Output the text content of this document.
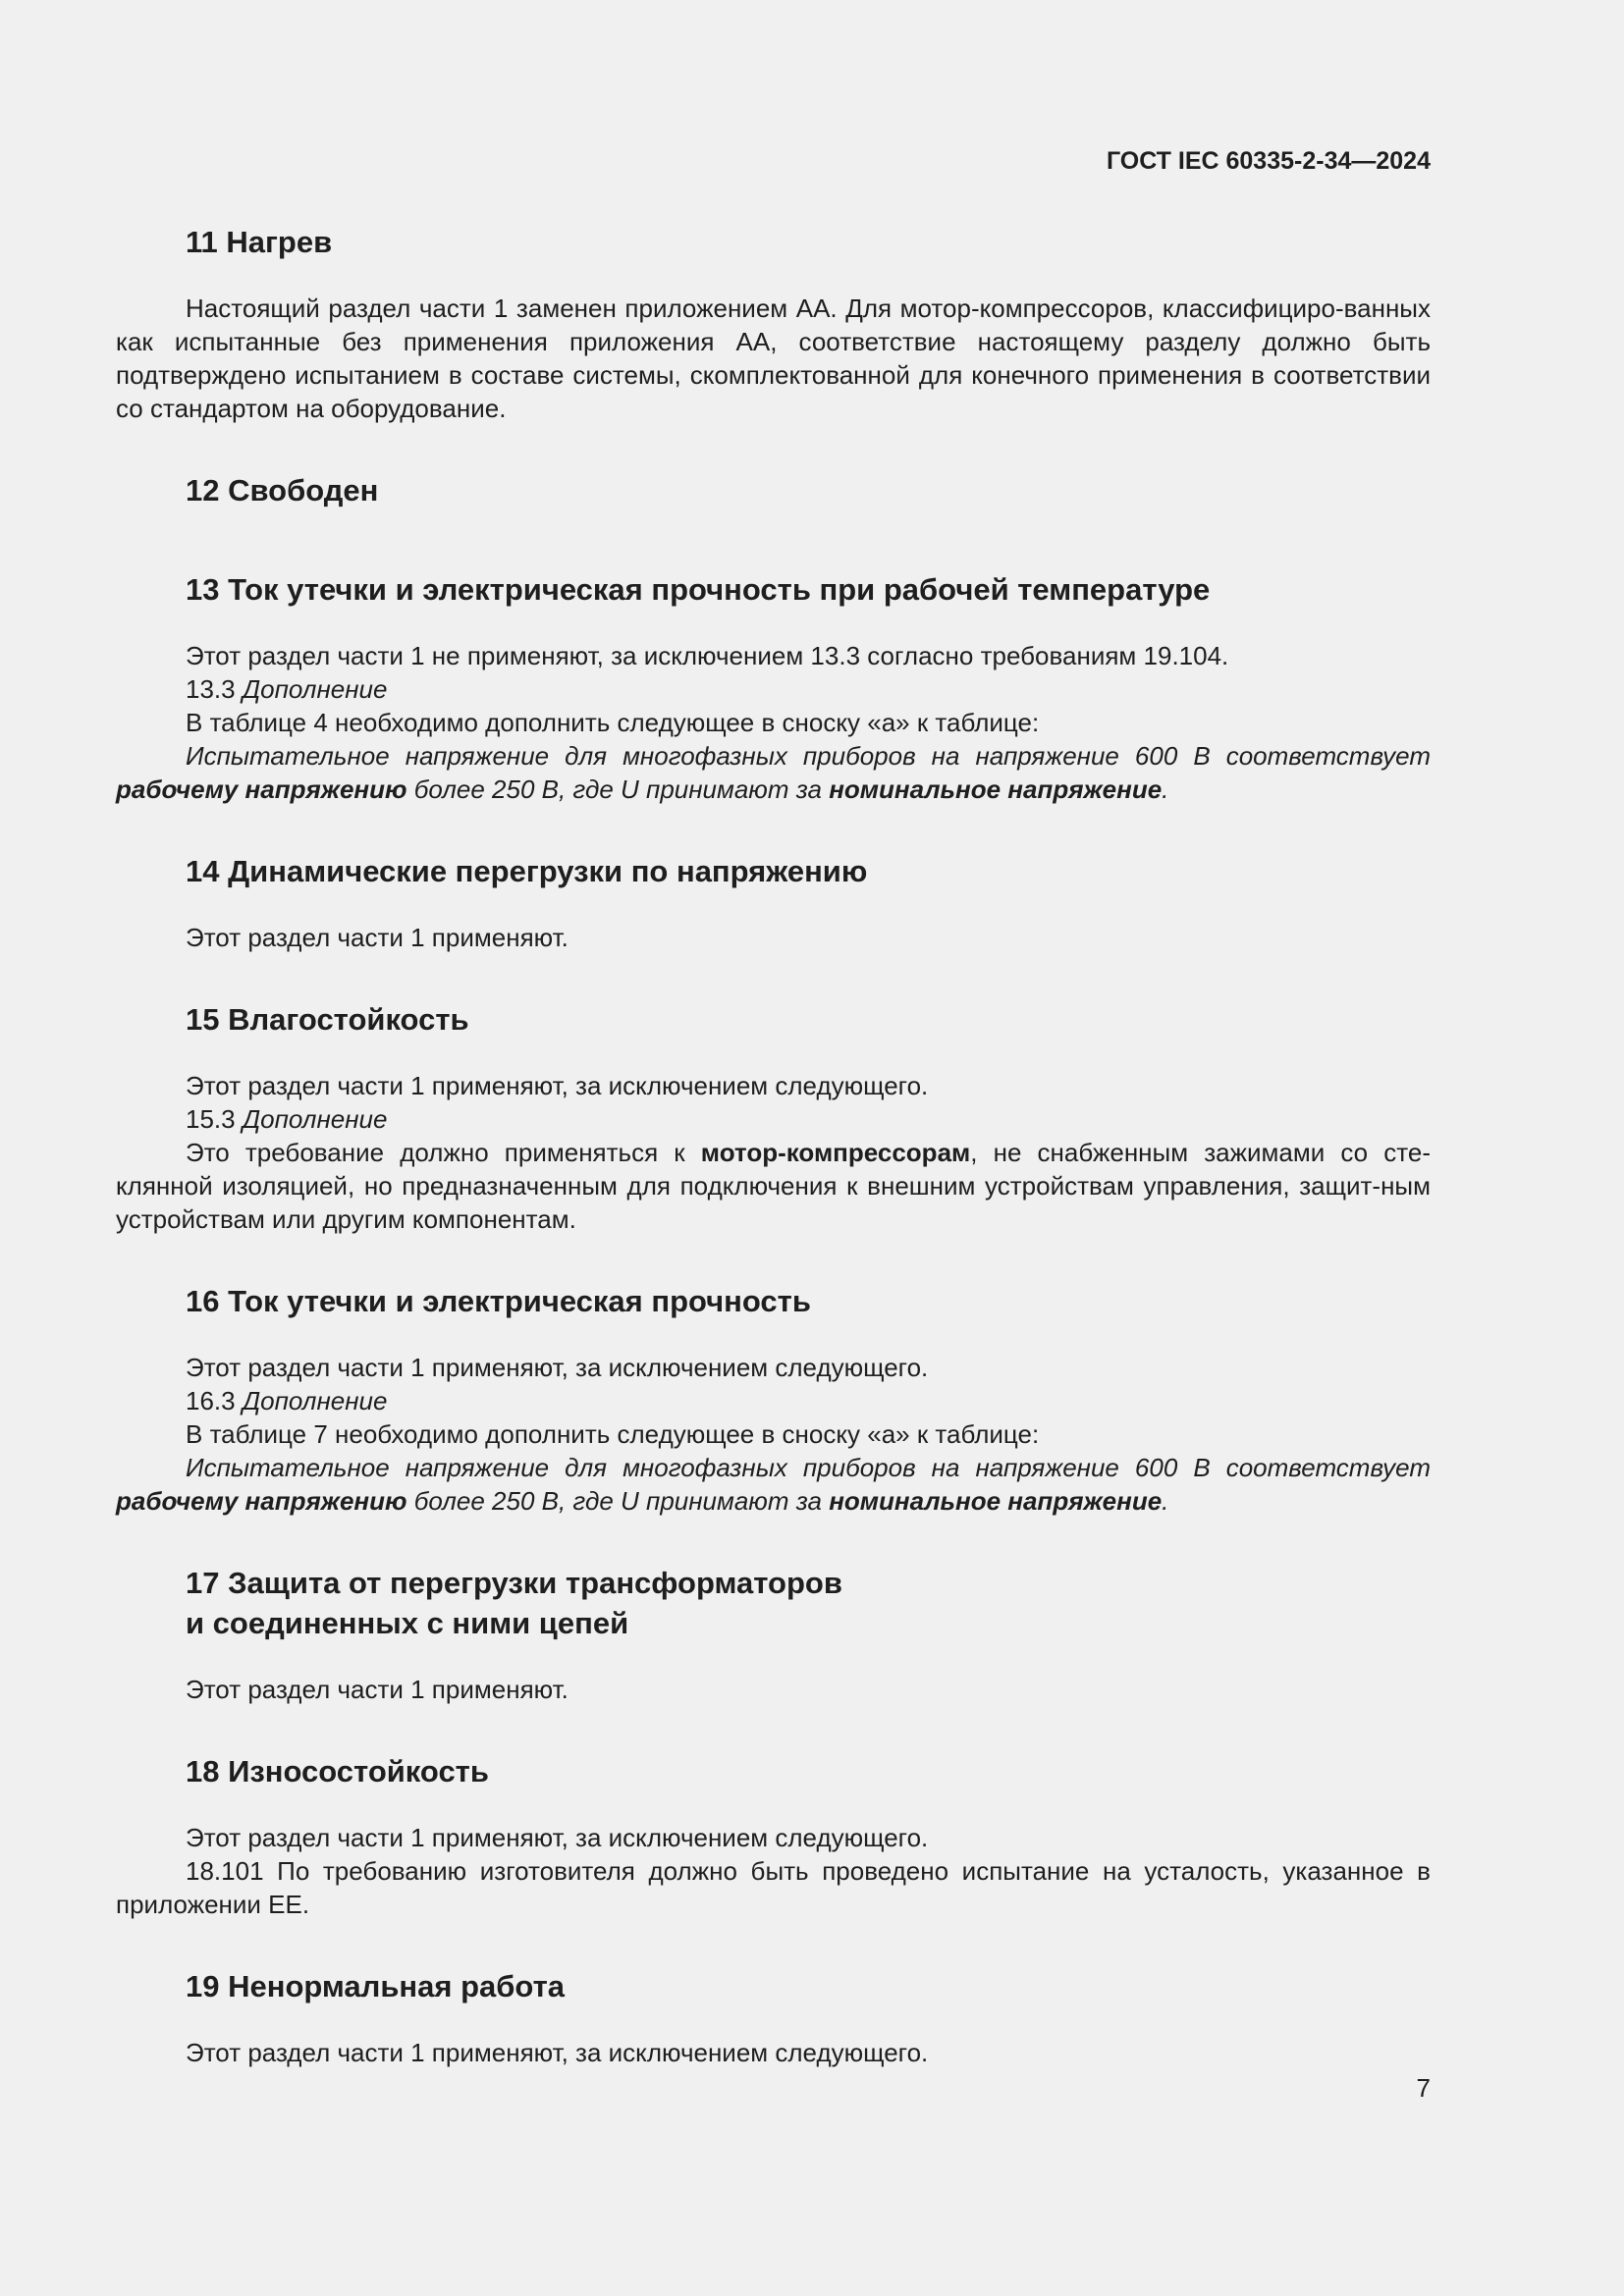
ГОСТ IEC 60335-2-34—2024
11 Нагрев

Настоящий раздел части 1 заменен приложением АА. Для мотор-компрессоров, классифициро-ванных как испытанные без применения приложения АА, соответствие настоящему разделу должно быть подтверждено испытанием в составе системы, скомплектованной для конечного применения в соответствии со стандартом на оборудование.

12 Свободен
13 Ток утечки и электрическая прочность при рабочей температуре

Этот раздел части 1 не применяют, за исключением 13.3 согласно требованиям 19.104.

13.3 Дополнение

В таблице 4 необходимо дополнить следующее в сноску «а» к таблице:

Испытательное напряжение для многофазных приборов на напряжение 600 В соответствует рабочему напряжению более 250 В, где U принимают за номинальное напряжение.

14 Динамические перегрузки по напряжению

Этот раздел части 1 применяют.

15 Влагостойкость

Этот раздел части 1 применяют, за исключением следующего.

15.3 Дополнение

Это требование должно применяться к мотор-компрессорам, не снабженным зажимами со сте-клянной изоляцией, но предназначенным для подключения к внешним устройствам управления, защит-ным устройствам или другим компонентам.

16 Ток утечки и электрическая прочность

Этот раздел части 1 применяют, за исключением следующего.

16.3 Дополнение

В таблице 7 необходимо дополнить следующее в сноску «а» к таблице:

Испытательное напряжение для многофазных приборов на напряжение 600 В соответствует рабочему напряжению более 250 В, где U принимают за номинальное напряжение.

17 Защита от перегрузки трансформаторов
и соединенных с ними цепей

Этот раздел части 1 применяют.

18 Износостойкость

Этот раздел части 1 применяют, за исключением следующего.

18.101 По требованию изготовителя должно быть проведено испытание на усталость, указанное в приложении ЕЕ.

19 Ненормальная работа

Этот раздел части 1 применяют, за исключением следующего.

7
